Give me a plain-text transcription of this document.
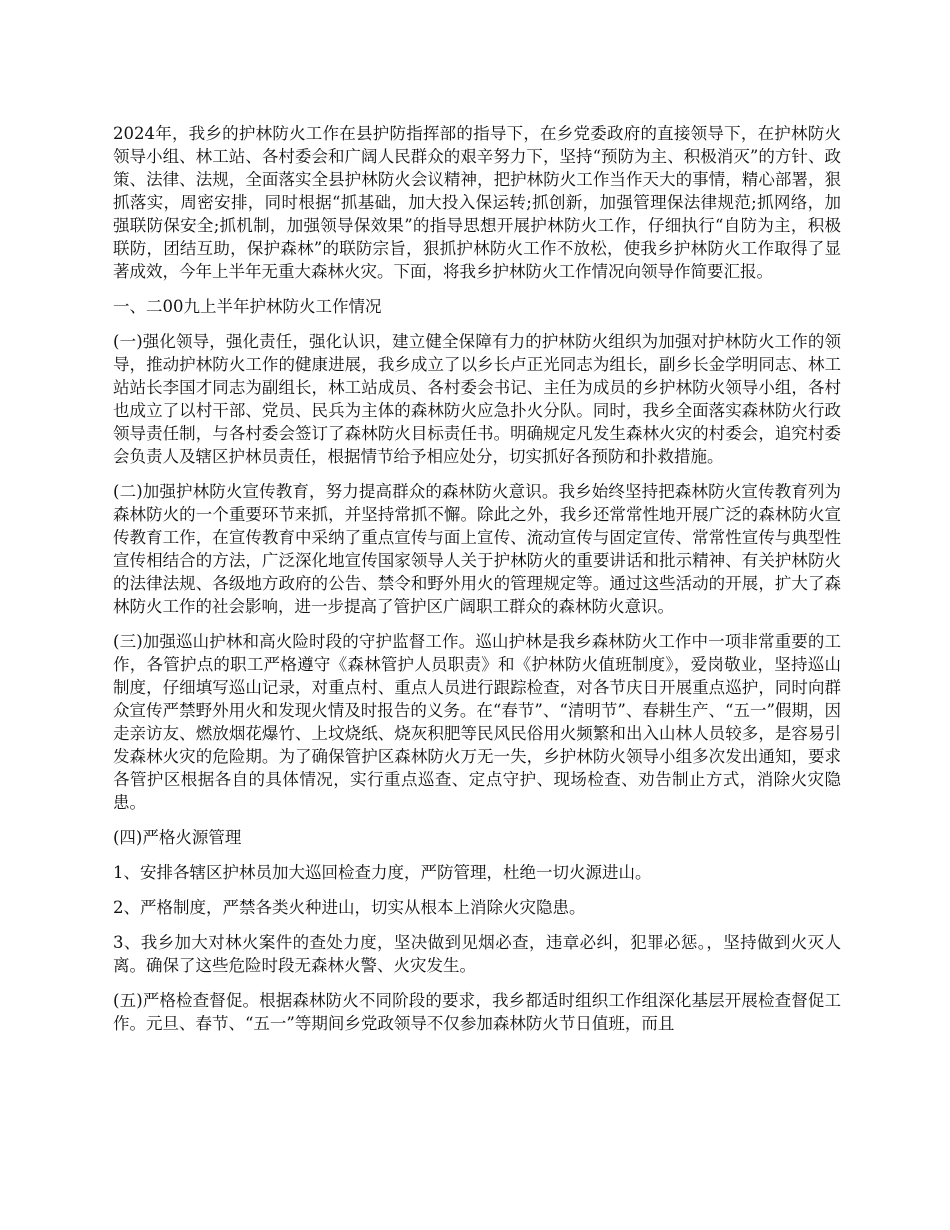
2024年，我乡的护林防火工作在县护防指挥部的指导下，在乡党委政府的直接领导下，在护林防火领导小组、林工站、各村委会和广阔人民群众的艰辛努力下，坚持“预防为主、积极消灭”的方针、政策、法律、法规，全面落实全县护林防火会议精神，把护林防火工作当作天大的事情，精心部署，狠抓落实，周密安排，同时根据“抓基础，加大投入保运转;抓创新，加强管理保法律规范;抓网络，加强联防保安全;抓机制，加强领导保效果”的指导思想开展护林防火工作，仔细执行“自防为主，积极联防，团结互助，保护森林”的联防宗旨，狠抓护林防火工作不放松，使我乡护林防火工作取得了显著成效，今年上半年无重大森林火灾。下面，将我乡护林防火工作情况向领导作简要汇报。

一、二00九上半年护林防火工作情况

(一)强化领导，强化责任，强化认识，建立健全保障有力的护林防火组织为加强对护林防火工作的领导，推动护林防火工作的健康进展，我乡成立了以乡长卢正光同志为组长，副乡长金学明同志、林工站站长李国才同志为副组长，林工站成员、各村委会书记、主任为成员的乡护林防火领导小组，各村也成立了以村干部、党员、民兵为主体的森林防火应急扑火分队。同时，我乡全面落实森林防火行政领导责任制，与各村委会签订了森林防火目标责任书。明确规定凡发生森林火灾的村委会，追究村委会负责人及辖区护林员责任，根据情节给予相应处分，切实抓好各预防和扑救措施。

(二)加强护林防火宣传教育，努力提高群众的森林防火意识。我乡始终坚持把森林防火宣传教育列为森林防火的一个重要环节来抓，并坚持常抓不懈。除此之外，我乡还常常性地开展广泛的森林防火宣传教育工作，在宣传教育中采纳了重点宣传与面上宣传、流动宣传与固定宣传、常常性宣传与典型性宣传相结合的方法，广泛深化地宣传国家领导人关于护林防火的重要讲话和批示精神、有关护林防火的法律法规、各级地方政府的公告、禁令和野外用火的管理规定等。通过这些活动的开展，扩大了森林防火工作的社会影响，进一步提高了管护区广阔职工群众的森林防火意识。

(三)加强巡山护林和高火险时段的守护监督工作。巡山护林是我乡森林防火工作中一项非常重要的工作，各管护点的职工严格遵守《森林管护人员职责》和《护林防火值班制度》，爱岗敬业，坚持巡山制度，仔细填写巡山记录，对重点村、重点人员进行跟踪检查，对各节庆日开展重点巡护，同时向群众宣传严禁野外用火和发现火情及时报告的义务。在“春节”、“清明节”、春耕生产、“五一”假期，因走亲访友、燃放烟花爆竹、上坟烧纸、烧灰积肥等民风民俗用火频繁和出入山林人员较多，是容易引发森林火灾的危险期。为了确保管护区森林防火万无一失，乡护林防火领导小组多次发出通知，要求各管护区根据各自的具体情况，实行重点巡查、定点守护、现场检查、劝告制止方式，消除火灾隐患。

(四)严格火源管理

1、安排各辖区护林员加大巡回检查力度，严防管理，杜绝一切火源进山。

2、严格制度，严禁各类火种进山，切实从根本上消除火灾隐患。

3、我乡加大对林火案件的查处力度，坚决做到见烟必查，违章必纠，犯罪必惩。，坚持做到火灭人离。确保了这些危险时段无森林火警、火灾发生。

(五)严格检查督促。根据森林防火不同阶段的要求，我乡都适时组织工作组深化基层开展检查督促工作。元旦、春节、“五一”等期间乡党政领导不仅参加森林防火节日值班，而且
